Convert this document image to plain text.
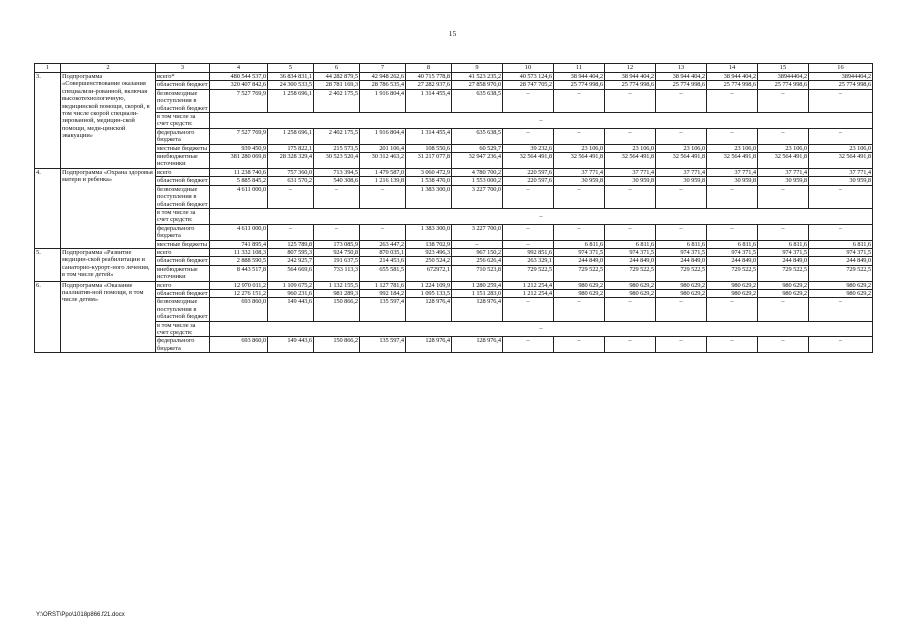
15
1	2	3	4	5	6	7	8	9	10	11	12	13	14	15	16
3.	Подпрограмма «Совершенствование оказания специализи-рованной, включая высокотехнологичную, медицинской помощи, скорой, в том числе скорой специали-зированной, медицин-ской помощи, меди-цинской эвакуации»	всего*	480 544 537,0	36 834 831,1	44 282 879,5	42 948 262,6	40 715 778,8	41 523 235,2	40 573 124,6	38 944 404,2	38 944 404,2	38 944 404,2	38 944 404,2	38944404,2	38944404,2
		областной бюджет	320 407 842,6	24 300 533,5	28 781 169,3	28 786 535,4	27 282 937,6	27 858 970,0	28 747 705,2	25 774 998,6	25 774 998,6	25 774 998,6	25 774 998,6	25 774 998,6	25 774 998,6
		безвозмездные поступления в областной бюджет	7 527 769,9	1 258 696,1	2 402 175,5	1 916 804,4	1 314 455,4	635 638,5	–	–	–	–	–	–	–
		в том числе за счет средств:	–												
		федерального бюджета	7 527 769,9	1 258 696,1	2 402 175,5	1 916 804,4	1 314 455,4	635 638,5	–	–	–	–	–	–	–
		местные бюджеты	939 450,9	175 822,1	215 573,5	201 106,4	108 550,6	60 529,7	39 232,6	23 106,0	23 106,0	23 106,0	23 106,0	23 106,0	23 106,0
		внебюджетные источники	381 280 069,8	28 328 329,4	30 523 520,4	30 312 463,2	31 217 077,8	32 947 236,4	32 564 491,8	32 564 491,8	32 564 491,8	32 564 491,8	32 564 491,8	32 564 491,8	32 564 491,8
4.	Подпрограмма «Охрана здоровья матери и ребенка»	всего	11 238 740,6	757 360,0	713 394,5	1 479 587,0	3 060 472,9	4 780 700,2	220 597,6	37 771,4	37 771,4	37 771,4	37 771,4	37 771,4	37 771,4
		областной бюджет	5 885 845,2	631 570,2	540 308,6	1 216 139,8	1 538 470,0	1 553 000,2	220 597,6	30 959,8	30 959,8	30 959,8	30 959,8	30 959,8	30 959,8
		безвозмездные поступления в областной бюджет	4 611 000,0	–	–	–	1 383 300,0	3 227 700,0	–	–	–	–	–	–	–
		в том числе за счет средств:	–												
		федерального бюджета	4 611 000,0	–	–	–	1 383 300,0	3 227 700,0	–	–	–	–	–	–	–
		местные бюджеты	741 895,4	125 789,8	173 085,9	263 447,2	138 702,9	–	–	6 811,6	6 811,6	6 811,6	6 811,6	6 811,6	6 811,6
5.	Подпрограмма «Развитие медицин-ской реабилитации и санаторно-курорт-ного лечения, в том числе детей»	всего	11 332 108,3	807 595,3	924 750,8	870 035,1	923 496,3	967 150,2	992 851,6	974 371,5	974 371,5	974 371,5	974 371,5	974 371,5	974 371,5
		областной бюджет	2 888 590,5	242 925,7	191 637,5	214 453,6	250 524,2	256 626,4	263 329,1	244 849,0	244 849,0	244 849,0	244 849,0	244 849,0	244 849,0
		внебюджетные источники	8 443 517,8	564 669,6	733 113,3	655 581,5	672972,1	710 523,8	729 522,5	729 522,5	729 522,5	729 522,5	729 522,5	729 522,5	729 522,5
6.	Подпрограмма «Оказание паллиатив-ной помощи, в том числе детям»	всего	12 970 011,2	1 109 675,2	1 132 155,5	1 127 781,6	1 224 109,9	1 280 259,4	1 212 254,4	980 629,2	980 629,2	980 629,2	980 629,2	980 629,2	980 629,2
		областной бюджет	12 276 151,2	960 231,6	981 289,3	992 184,2	1 095 133,5	1 151 283,0	1 212 254,4	980 629,2	980 629,2	980 629,2	980 629,2	980 629,2	980 629,2
		безвозмездные поступления в областной бюджет	693 860,0	149 443,6	150 866,2	135 597,4	128 976,4	128 976,4	–	–	–	–	–	–	–
		в том числе за счет средств:	–												
		федерального бюджета	693 860,0	149 443,6	150 866,2	135 597,4	128 976,4	128 976,4	–	–	–	–	–	–	–
Y:\ORST\Ppo\1018p866.f21.docx
